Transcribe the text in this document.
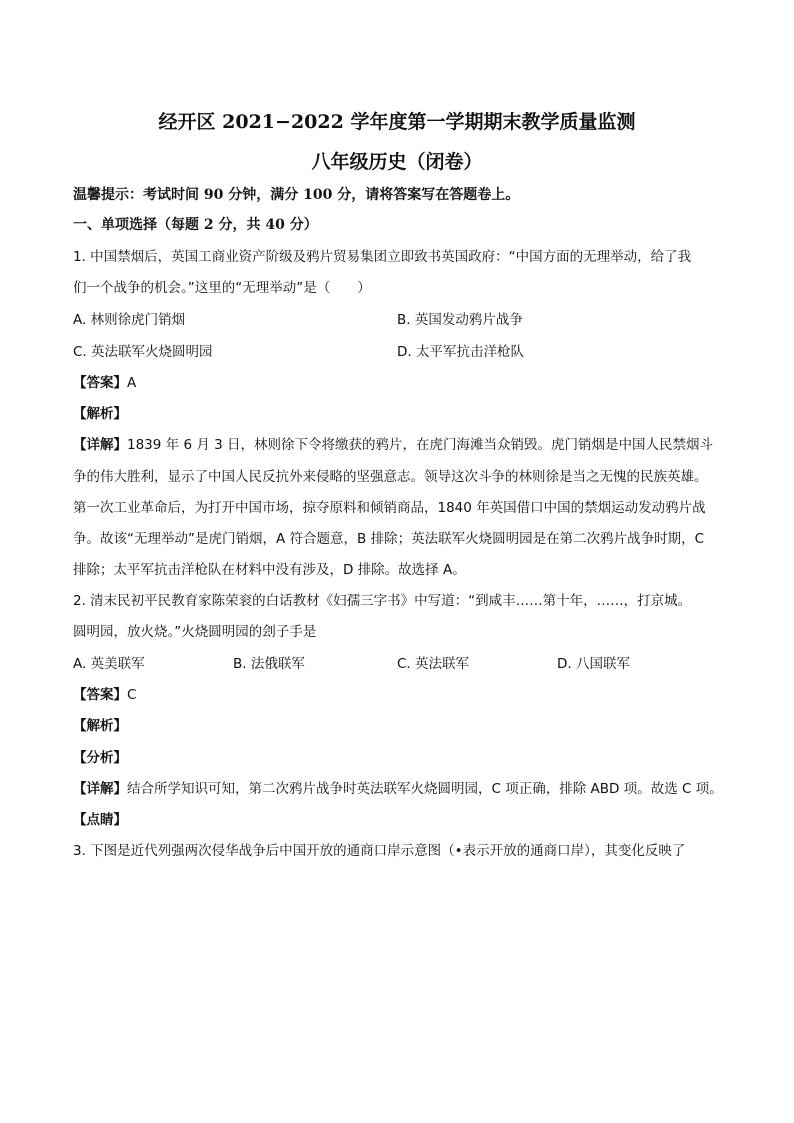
经开区 2021−2022 学年度第一学期期末教学质量监测
八年级历史（闭卷）
温馨提示：考试时间 90 分钟，满分 100 分，请将答案写在答题卷上。
一、单项选择（每题 2 分，共 40 分）
1. 中国禁烟后，英国工商业资产阶级及鸦片贸易集团立即致书英国政府：“中国方面的无理举动，给了我
们一个战争的机会。”这里的“无理举动”是（　　）
A. 林则徐虎门销烟	B. 英国发动鸦片战争
C. 英法联军火烧圆明园	D. 太平军抗击洋枪队
【答案】A
【解析】
【详解】1839 年 6 月 3 日，林则徐下令将缴获的鸦片，在虎门海滩当众销毁。虎门销烟是中国人民禁烟斗
争的伟大胜利，显示了中国人民反抗外来侵略的坚强意志。领导这次斗争的林则徐是当之无愧的民族英雄。
第一次工业革命后，为打开中国市场，掠夺原料和倾销商品，1840 年英国借口中国的禁烟运动发动鸦片战
争。故该“无理举动”是虎门销烟，A 符合题意，B 排除；英法联军火烧圆明园是在第二次鸦片战争时期，C
排除；太平军抗击洋枪队在材料中没有涉及，D 排除。故选择 A。
2. 清末民初平民教育家陈荣衮的白话教材《妇孺三字书》中写道：“到咸丰……第十年，……，打京城。
圆明园，放火烧。”火烧圆明园的刽子手是
A. 英美联军	B. 法俄联军	C. 英法联军	D. 八国联军
【答案】C
【解析】
【分析】
【详解】结合所学知识可知，第二次鸦片战争时英法联军火烧圆明园，C 项正确，排除 ABD 项。故选 C 项。
【点睛】
3. 下图是近代列强两次侵华战争后中国开放的通商口岸示意图（•表示开放的通商口岸），其变化反映了
